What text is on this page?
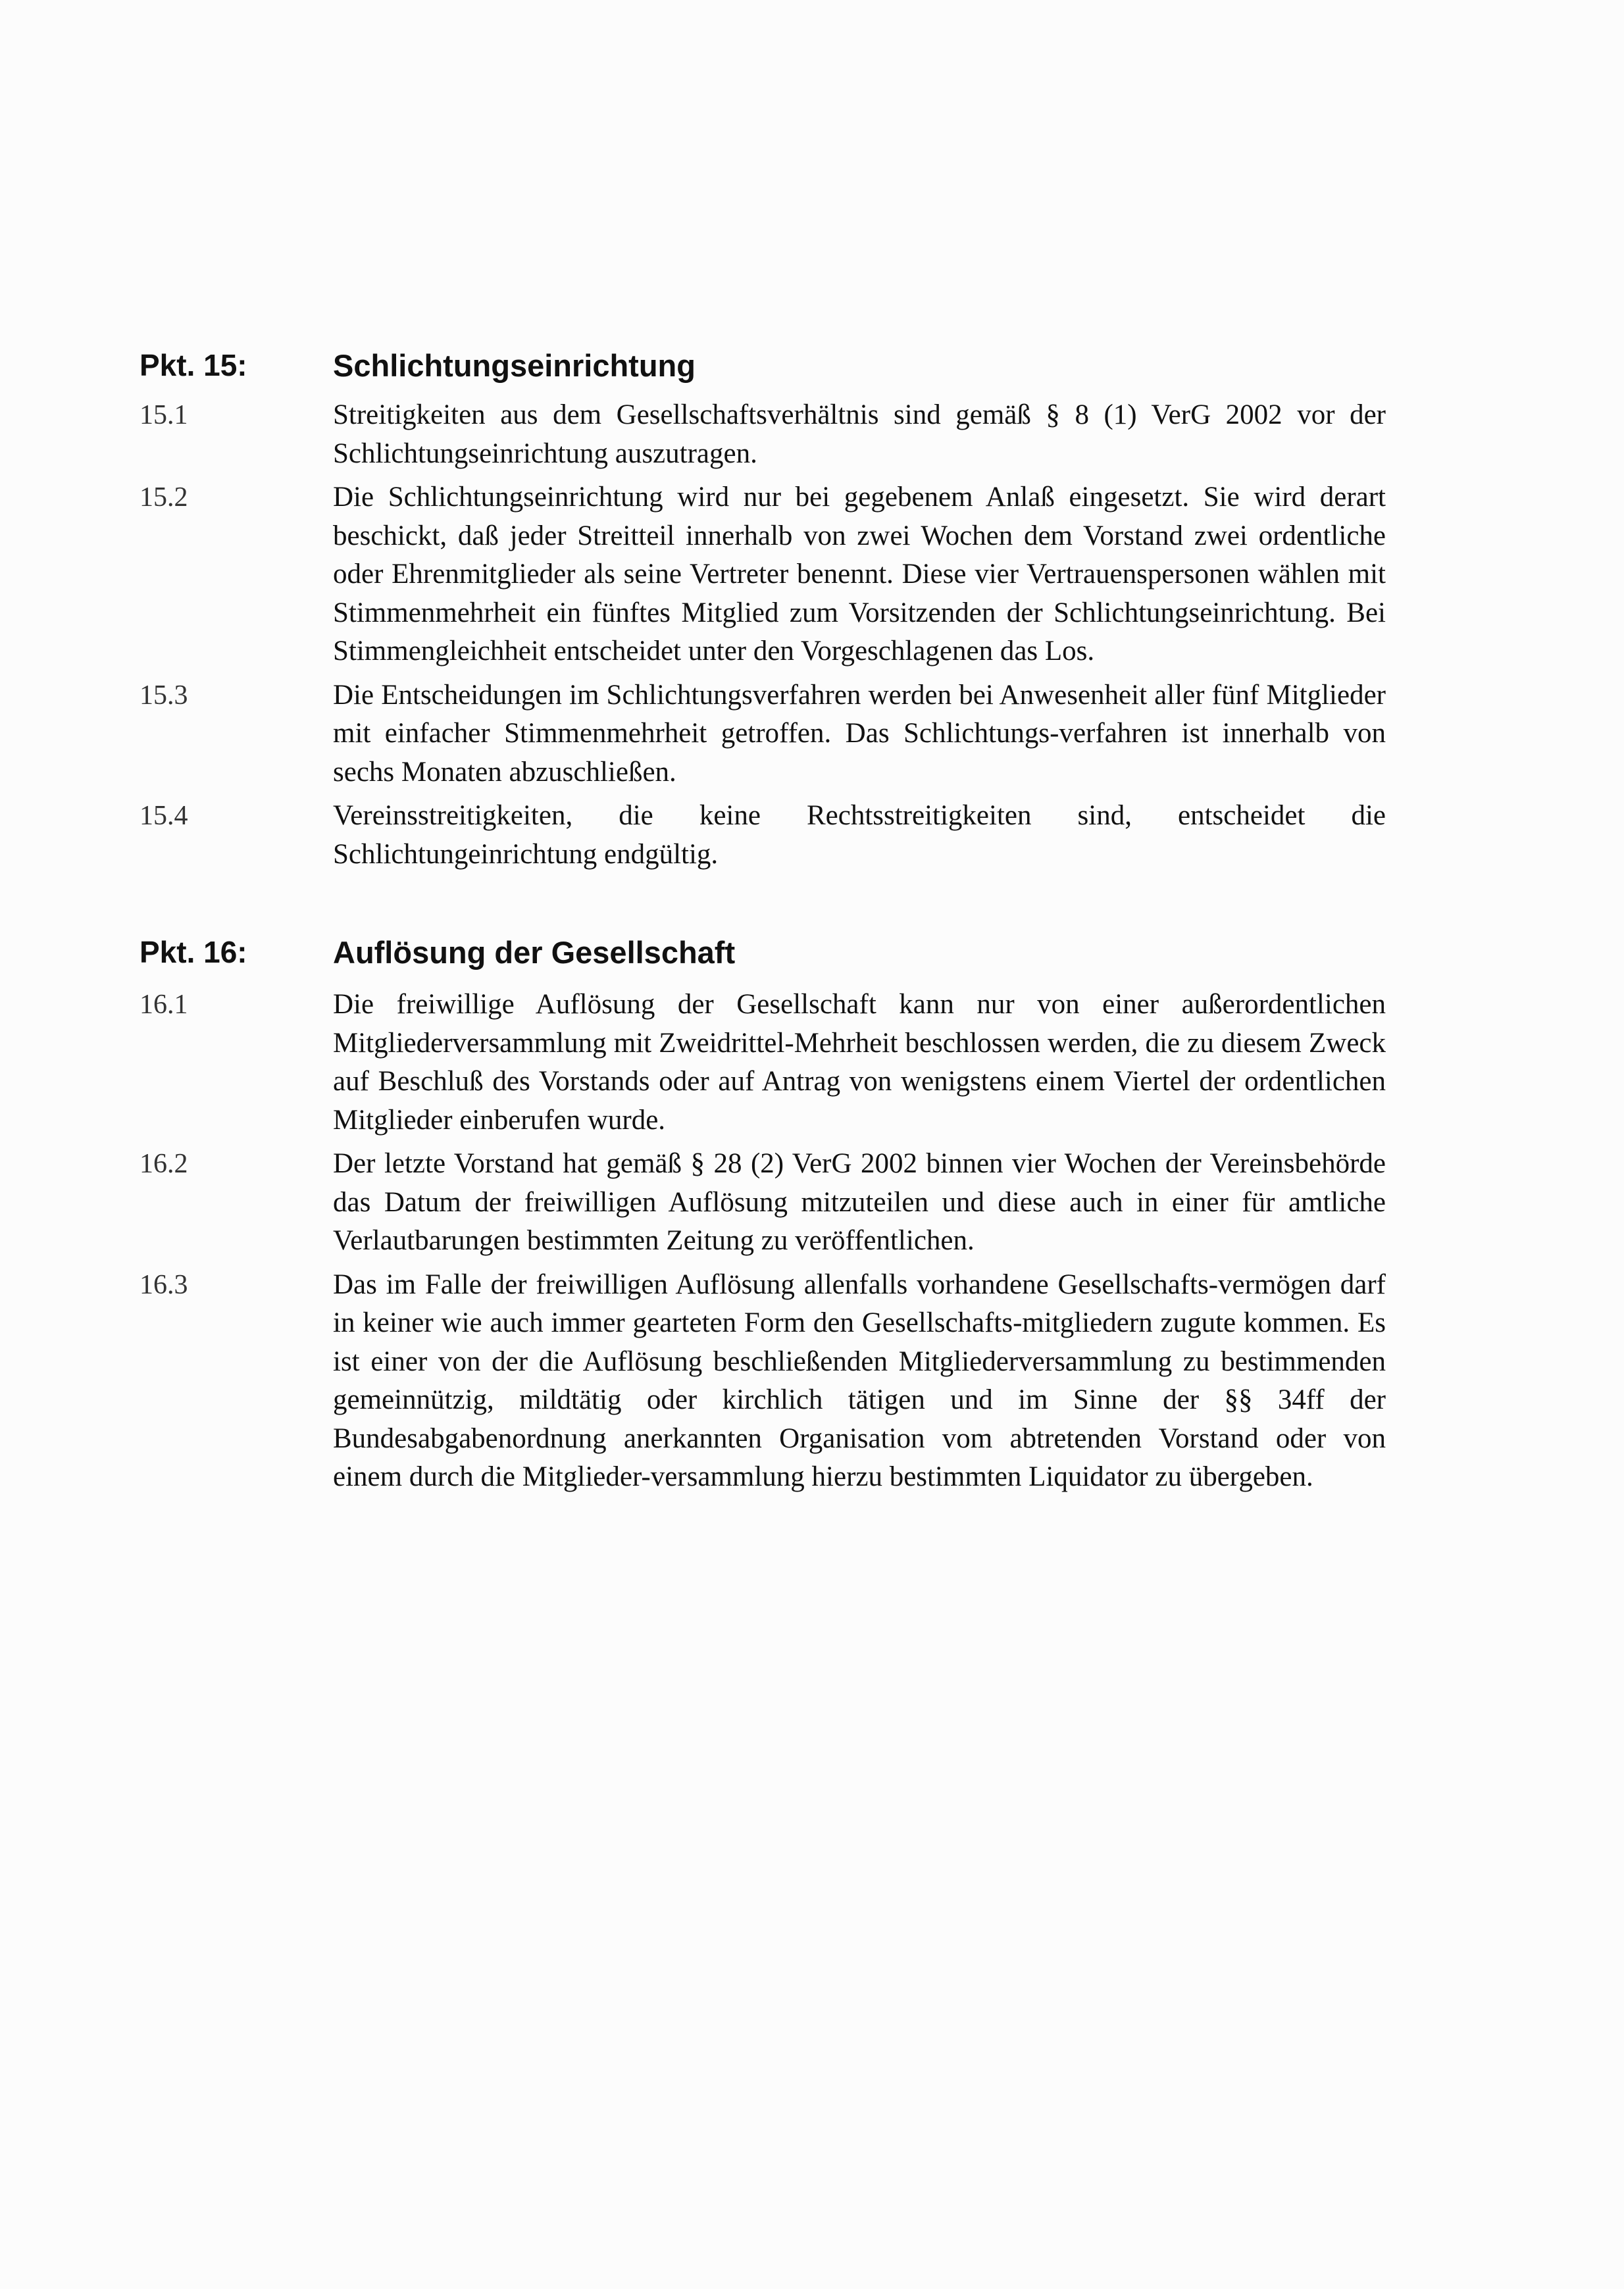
Pkt. 15:	Schlichtungseinrichtung
15.1	Streitigkeiten aus dem Gesellschaftsverhältnis sind gemäß § 8 (1) VerG 2002 vor der Schlichtungseinrichtung auszutragen.
15.2	Die Schlichtungseinrichtung wird nur bei gegebenem Anlaß eingesetzt. Sie wird derart beschickt, daß jeder Streitteil innerhalb von zwei Wochen dem Vorstand zwei ordentliche oder Ehrenmitglieder als seine Vertreter benennt. Diese vier Vertrauenspersonen wählen mit Stimmenmehrheit ein fünftes Mitglied zum Vorsitzenden der Schlichtungseinrichtung. Bei Stimmengleichheit entscheidet unter den Vorgeschlagenen das Los.
15.3	Die Entscheidungen im Schlichtungsverfahren werden bei Anwesenheit aller fünf Mitglieder mit einfacher Stimmenmehrheit getroffen. Das Schlichtungs-verfahren ist innerhalb von sechs Monaten abzuschließen.
15.4	Vereinsstreitigkeiten, die keine Rechtsstreitigkeiten sind, entscheidet die Schlichtungeinrichtung endgültig.
Pkt. 16:	Auflösung der Gesellschaft
16.1	Die freiwillige Auflösung der Gesellschaft kann nur von einer außerordentlichen Mitgliederversammlung mit Zweidrittel-Mehrheit beschlossen werden, die zu diesem Zweck auf Beschluß des Vorstands oder auf Antrag von wenigstens einem Viertel der ordentlichen Mitglieder einberufen wurde.
16.2	Der letzte Vorstand hat gemäß § 28 (2) VerG 2002 binnen vier Wochen der Vereinsbehörde das Datum der freiwilligen Auflösung mitzuteilen und diese auch in einer für amtliche Verlautbarungen bestimmten Zeitung zu veröffentlichen.
16.3	Das im Falle der freiwilligen Auflösung allenfalls vorhandene Gesellschafts-vermögen darf in keiner wie auch immer gearteten Form den Gesellschafts-mitgliedern zugute kommen. Es ist einer von der die Auflösung beschließenden Mitgliederversammlung zu bestimmenden gemeinnützig, mildtätig oder kirchlich tätigen und im Sinne der §§ 34ff der Bundesabgabenordnung anerkannten Organisation vom abtretenden Vorstand oder von einem durch die Mitglieder-versammlung hierzu bestimmten Liquidator zu übergeben.
